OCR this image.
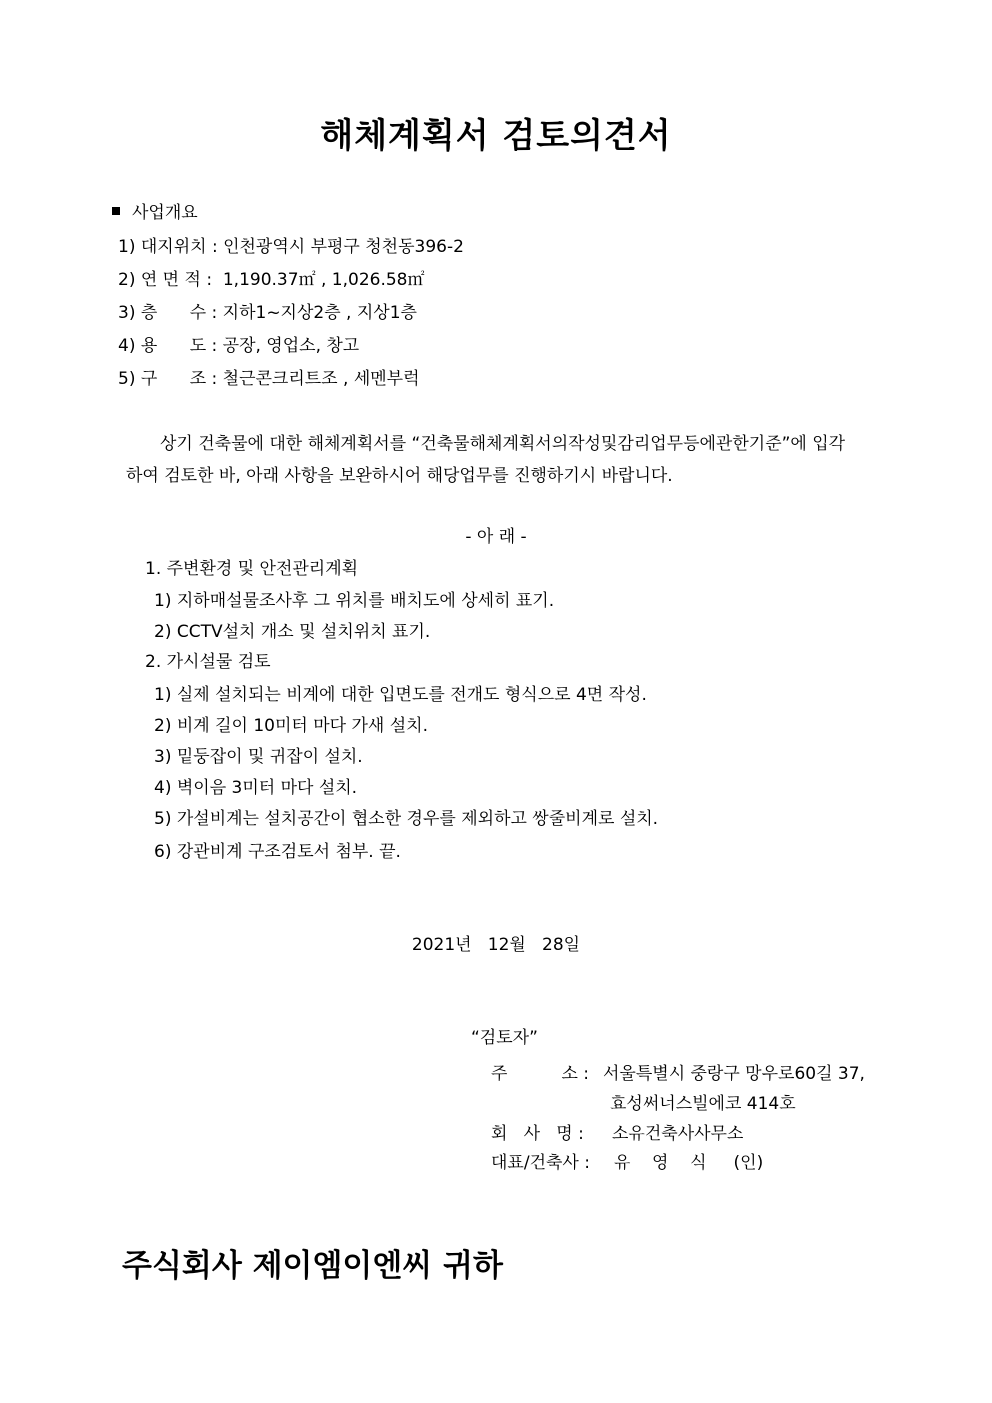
해체계획서 검토의견서
사업개요
1) 대지위치 : 인천광역시 부평구 청천동396-2
2) 연 면 적 :  1,190.37㎡ , 1,026.58㎡
3) 층      수 : 지하1~지상2층 , 지상1층
4) 용      도 : 공장, 영업소, 창고
5) 구      조 : 철근콘크리트조 , 세멘부럭
상기 건축물에 대한 해체계획서를 “건축물해체계획서의작성및감리업무등에관한기준”에 입각
하여 검토한 바, 아래 사항을 보완하시어 해당업무를 진행하기시 바랍니다.
- 아 래 -
1. 주변환경 및 안전관리계획
1) 지하매설물조사후 그 위치를 배치도에 상세히 표기.
2) CCTV설치 개소 및 설치위치 표기.
2. 가시설물 검토
1) 실제 설치되는 비계에 대한 입면도를 전개도 형식으로 4면 작성.
2) 비계 길이 10미터 마다 가새 설치.
3) 밑둥잡이 및 귀잡이 설치.
4) 벽이음 3미터 마다 설치.
5) 가설비계는 설치공간이 협소한 경우를 제외하고 쌍줄비계로 설치.
6) 강관비계 구조검토서 첨부. 끝.
2021년   12월   28일
“검토자”
주          소 : 서울특별시 중랑구 망우로60길 37,
효성써너스빌에코 414호
회   사   명 : 소유건축사사무소
대표/건축사 : 유    영    식     (인)
주식회사 제이엠이엔씨 귀하
